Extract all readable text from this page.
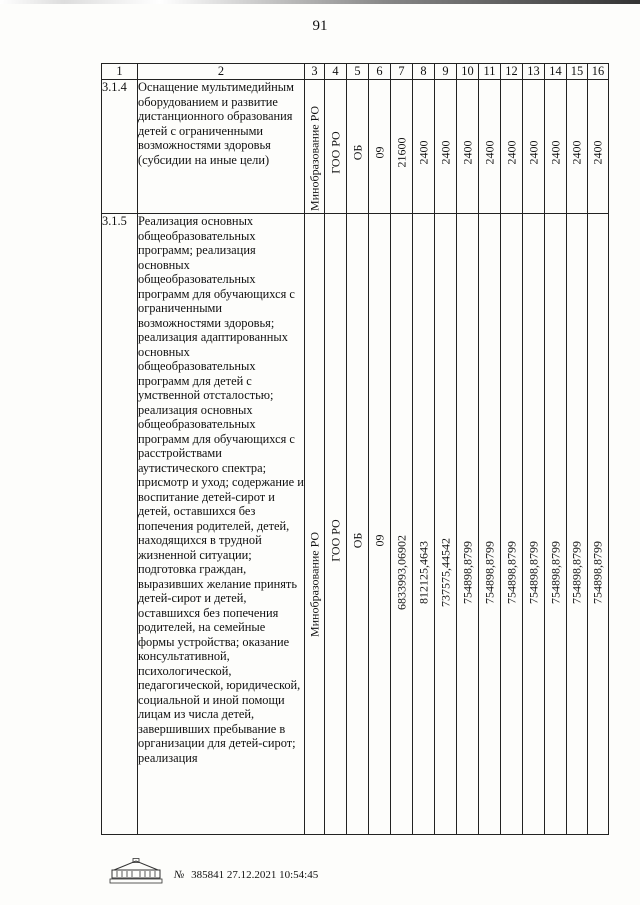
91
1	2	3	4	5	6	7	8	9	10	11	12	13	14	15	16
3.1.4	Оснащение мультимедийным оборудованием и развитие дистанционного образования детей с ограниченными возможностями здоровья (субсидии на иные цели)	Минобразование РО	ГОО РО	ОБ	09	21600	2400	2400	2400	2400	2400	2400	2400	2400	2400

3.1.5	Реализация основных общеобразовательных программ; реализация основных общеобразовательных программ для обучающихся с ограниченными возможностями здоровья; реализация адаптированных основных общеобразовательных программ для детей с умственной отсталостью; реализация основных общеобразовательных программ для обучающихся с расстройствами аутистического спектра; присмотр и уход; содержание и воспитание детей-сирот и детей, оставшихся без попечения родителей, детей, находящихся в трудной жизненной ситуации; подготовка граждан, выразивших желание принять детей-сирот и детей, оставшихся без попечения родителей, на семейные формы устройства; оказание консультативной, психологической, педагогической, юридической, социальной и иной помощи лицам из числа детей, завершивших пребывание в организации для детей-сирот; реализация	Минобразование РО	ГОО РО	ОБ	09	6833993,06902	812125,4643	737575,44542	754898,8799	754898,8799	754898,8799	754898,8799	754898,8799	754898,8799	754898,8799
№ 385841 27.12.2021 10:54:45
